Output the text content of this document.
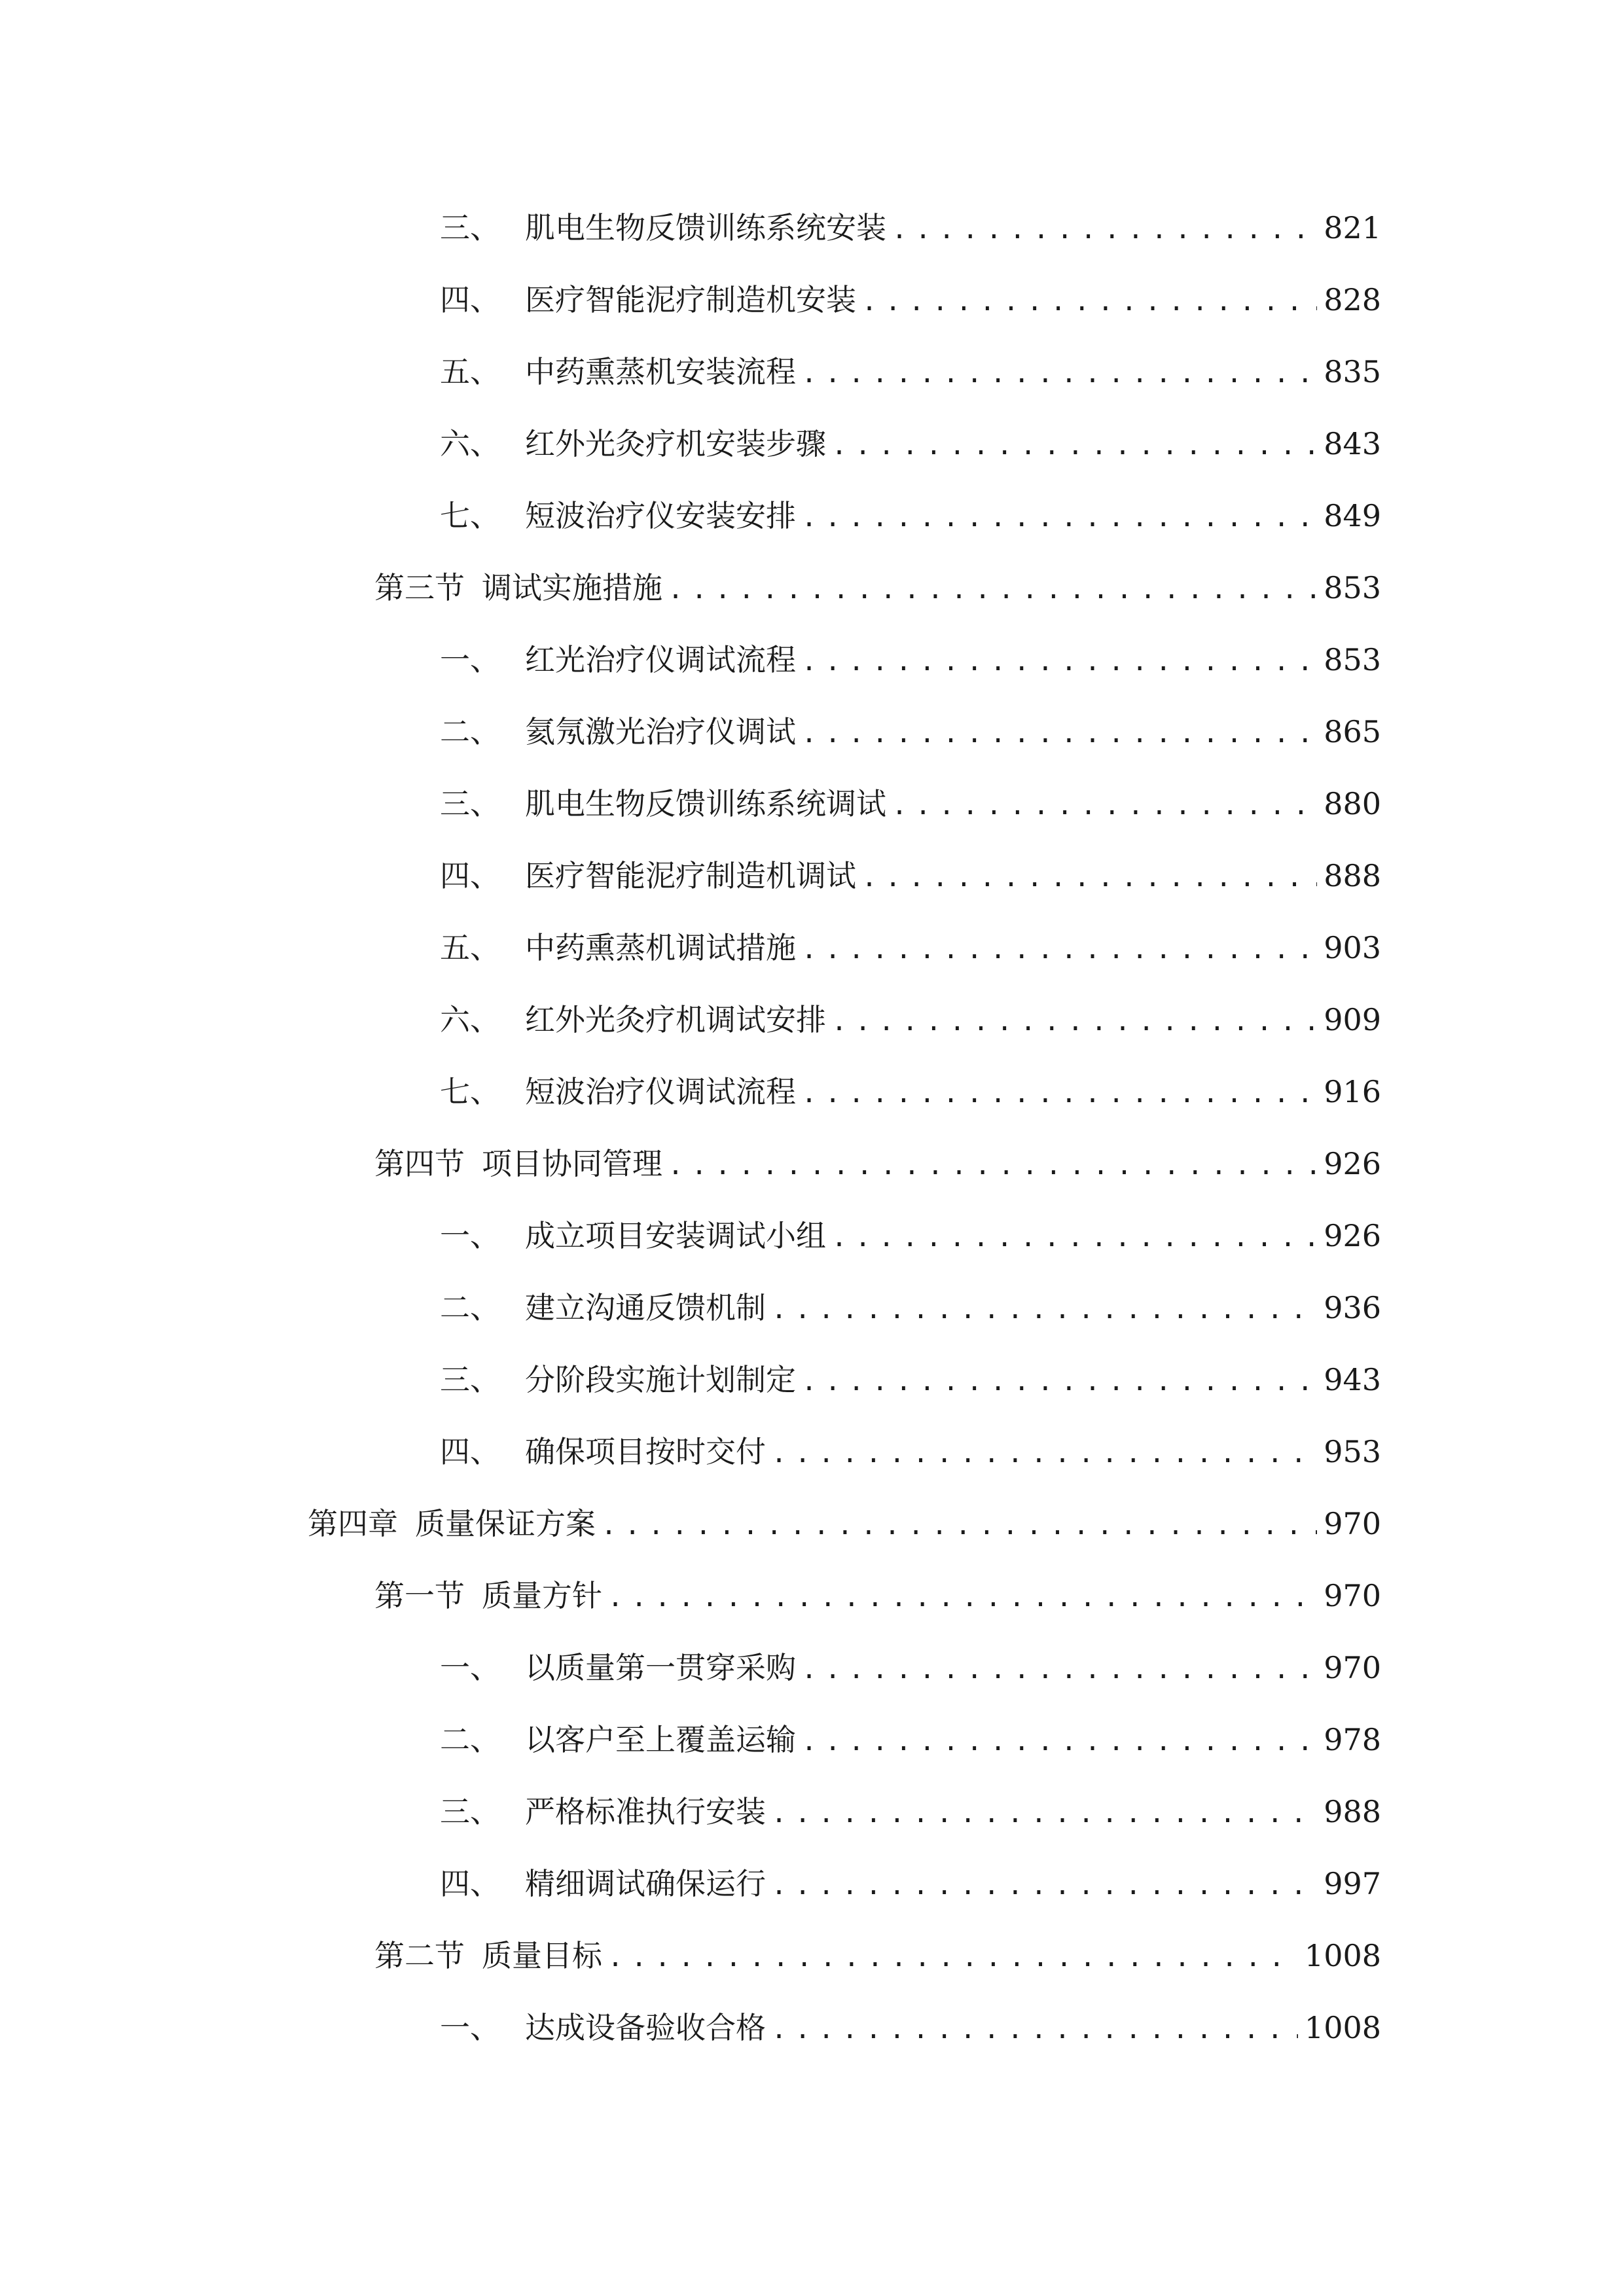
三、 肌电生物反馈训练系统安装 .....	821
四、 医疗智能泥疗制造机安装 .....	828
五、 中药熏蒸机安装流程 .....	835
六、 红外光灸疗机安装步骤 .....	843
七、 短波治疗仪安装安排 .....	849
第三节 调试实施措施 .....	853
一、 红光治疗仪调试流程 .....	853
二、 氦氖激光治疗仪调试 .....	865
三、 肌电生物反馈训练系统调试 .....	880
四、 医疗智能泥疗制造机调试 .....	888
五、 中药熏蒸机调试措施 .....	903
六、 红外光灸疗机调试安排 .....	909
七、 短波治疗仪调试流程 .....	916
第四节 项目协同管理 .....	926
一、 成立项目安装调试小组 .....	926
二、 建立沟通反馈机制 .....	936
三、 分阶段实施计划制定 .....	943
四、 确保项目按时交付 .....	953
第四章 质量保证方案 .....	970
第一节 质量方针 .....	970
一、 以质量第一贯穿采购 .....	970
二、 以客户至上覆盖运输 .....	978
三、 严格标准执行安装 .....	988
四、 精细调试确保运行 .....	997
第二节 质量目标 .....	1008
一、 达成设备验收合格 .....	1008
